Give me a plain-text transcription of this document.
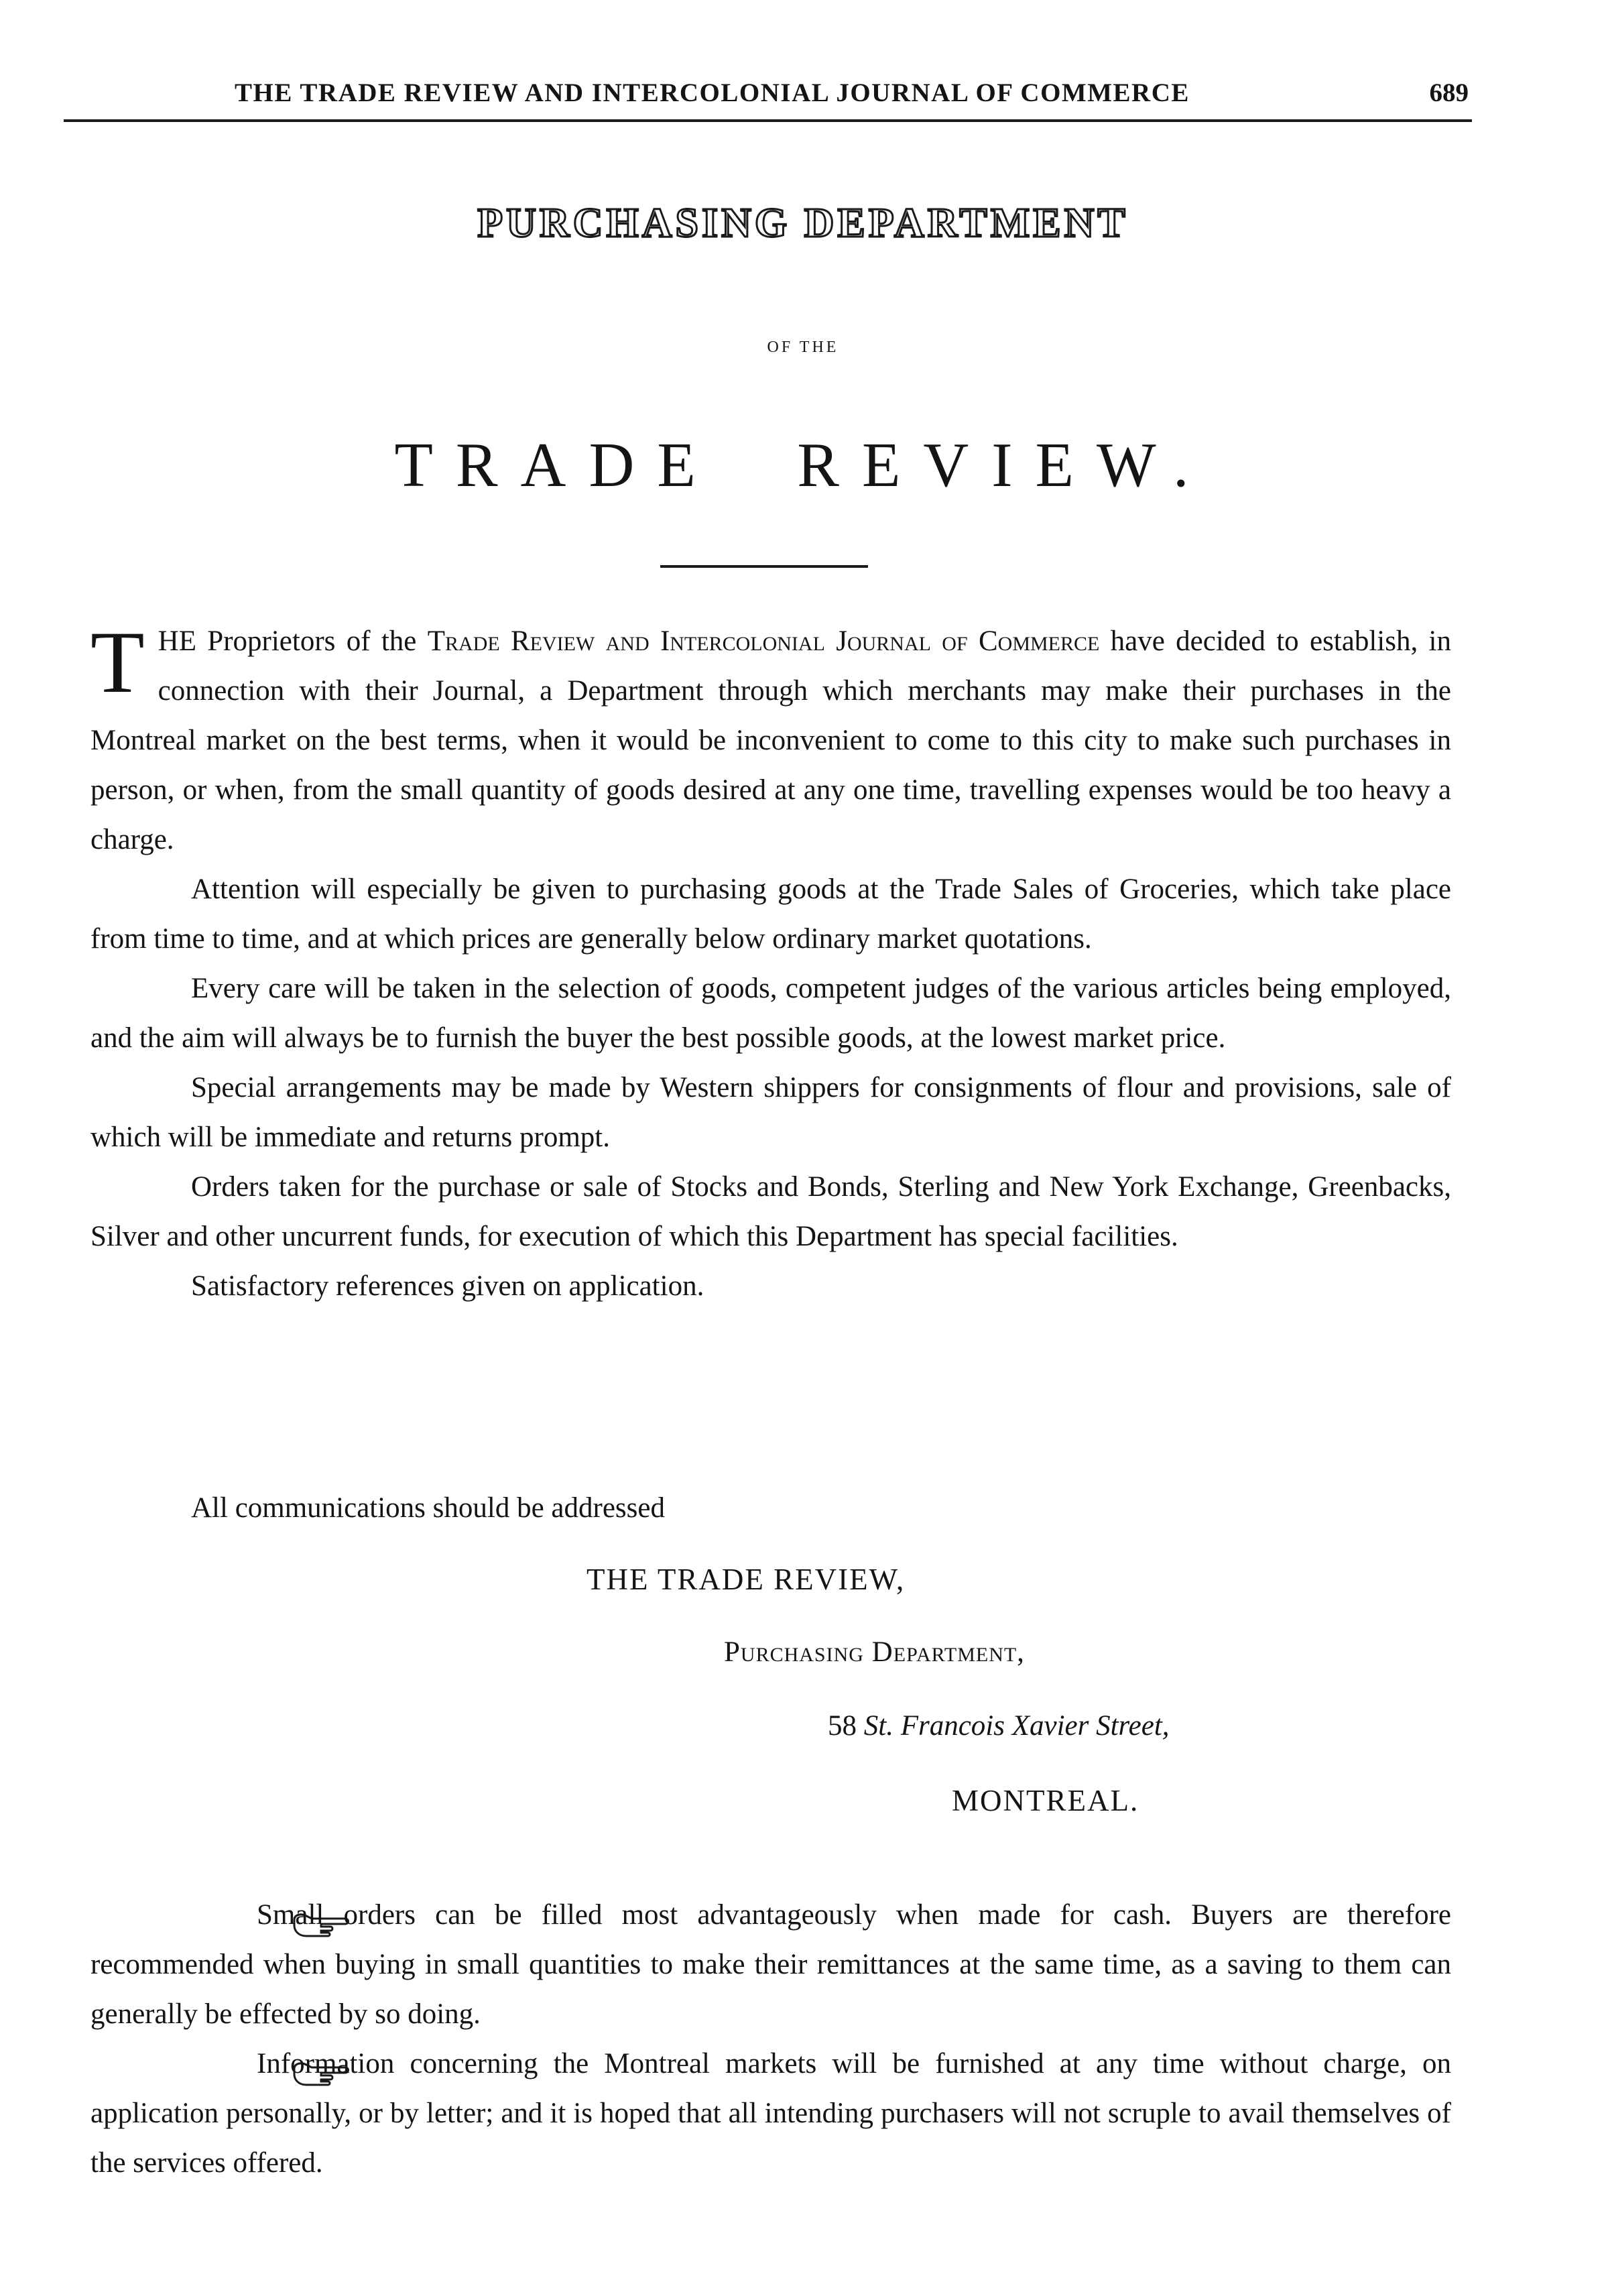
THE TRADE REVIEW AND INTERCOLONIAL JOURNAL OF COMMERCE	689
PURCHASING DEPARTMENT
OF THE
TRADE REVIEW.

THE Proprietors of the Trade Review and Intercolonial Journal of Commerce have decided to establish, in connection with their Journal, a Department through which merchants may make their purchases in the Montreal market on the best terms, when it would be inconvenient to come to this city to make such purchases in person, or when, from the small quantity of goods desired at any one time, travelling expenses would be too heavy a charge.

Attention will especially be given to purchasing goods at the Trade Sales of Groceries, which take place from time to time, and at which prices are generally below ordinary market quotations.

Every care will be taken in the selection of goods, competent judges of the various articles being employed, and the aim will always be to furnish the buyer the best possible goods, at the lowest market price.

Special arrangements may be made by Western shippers for consignments of flour and provisions, sale of which will be immediate and returns prompt.

Orders taken for the purchase or sale of Stocks and Bonds, Sterling and New York Exchange, Greenbacks, Silver and other uncurrent funds, for execution of which this Department has special facilities.

Satisfactory references given on application.

All communications should be addressed
THE TRADE REVIEW,
Purchasing Department,
58 St. Francois Xavier Street,
MONTREAL.

Small orders can be filled most advantageously when made for cash. Buyers are therefore recommended when buying in small quantities to make their remittances at the same time, as a saving to them can generally be effected by so doing.

Information concerning the Montreal markets will be furnished at any time without charge, on application personally, or by letter; and it is hoped that all intending purchasers will not scruple to avail themselves of the services offered.
